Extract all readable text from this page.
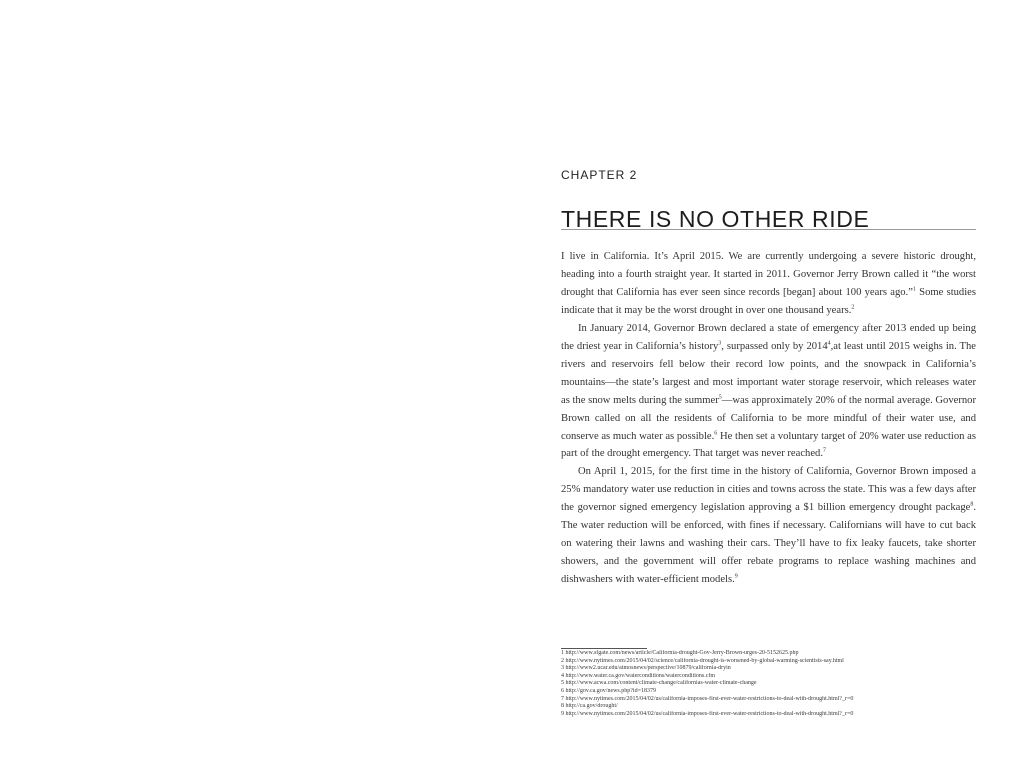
CHAPTER 2
THERE IS NO OTHER RIDE

I live in California. It’s April 2015. We are currently undergoing a severe historic drought, heading into a fourth straight year. It started in 2011. Governor Jerry Brown called it “the worst drought that California has ever seen since records [began] about 100 years ago.”$^1$ Some studies indicate that it may be the worst drought in over one thousand years.$^2$

In January 2014, Governor Brown declared a state of emergency after 2013 ended up being the driest year in California’s history$^3$, surpassed only by 2014$^4$,at least until 2015 weighs in. The rivers and reservoirs fell below their record low points, and the snowpack in California’s mountains—the state’s largest and most important water storage reservoir, which releases water as the snow melts during the summer$^5$—was approximately 20% of the normal average. Governor Brown called on all the residents of California to be more mindful of their water use, and conserve as much water as possible.$^6$ He then set a voluntary target of 20% water use reduction as part of the drought emergency. That target was never reached.$^7$

On April 1, 2015, for the first time in the history of California, Governor Brown imposed a 25% mandatory water use reduction in cities and towns across the state. This was a few days after the governor signed emergency legislation approving a $1 billion emergency drought package$^8$. The water reduction will be enforced, with fines if necessary. Californians will have to cut back on watering their lawns and washing their cars. They’ll have to fix leaky faucets, take shorter showers, and the government will offer rebate programs to replace washing machines and dishwashers with water-efficient models.$^9$

1 http://www.sfgate.com/news/article/California-drought-Gov-Jerry-Brown-urges-20-5152625.php
2 http://www.nytimes.com/2015/04/02/science/california-drought-is-worsened-by-global-warming-scientists-say.html
3 http://www2.ucar.edu/atmosnews/perspective/10879/california-dryin
4 http://www.water.ca.gov/waterconditions/waterconditions.cfm
5 http://www.acwa.com/content/climate-change/californias-water-climate-change
6 http://gov.ca.gov/news.php?id=18379
7 http://www.nytimes.com/2015/04/02/us/california-imposes-first-ever-water-restrictions-to-deal-with-drought.html?_r=0
8 http://ca.gov/drought/
9 http://www.nytimes.com/2015/04/02/us/california-imposes-first-ever-water-restrictions-to-deal-with-drought.html?_r=0
